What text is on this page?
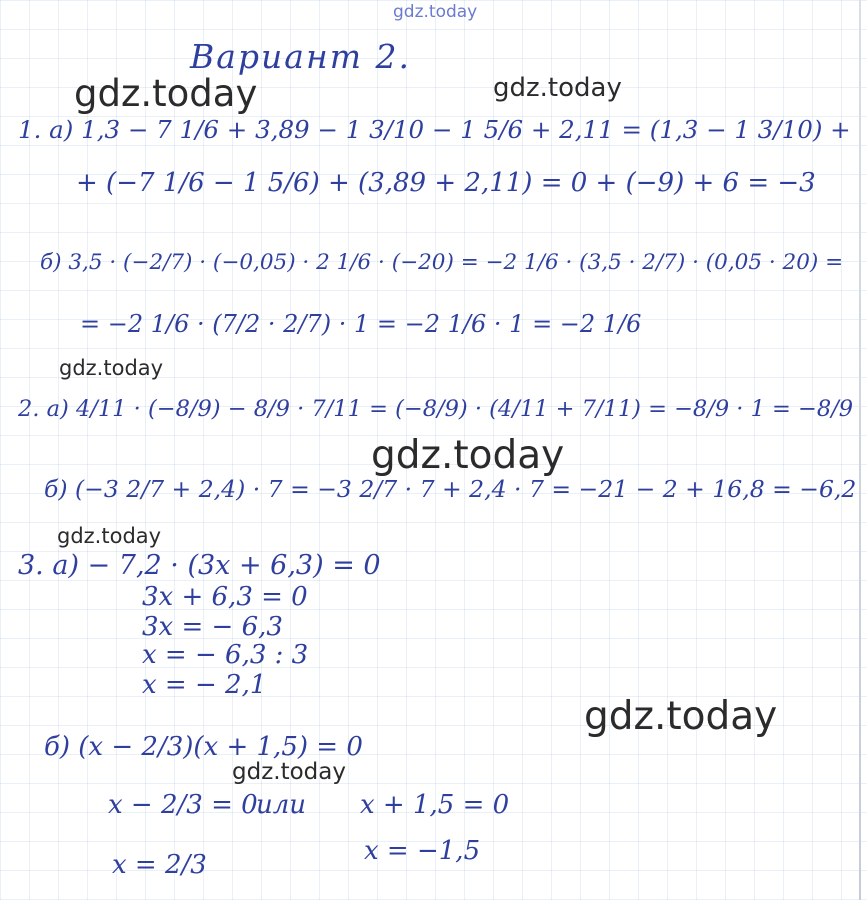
gdz.today
Вариант 2.
gdz.today	gdz.today
1. а) 1,3 − 7 1/6 + 3,89 − 1 3/10 − 1 5/6 + 2,11 = (1,3 − 1 3/10) +
+ (−7 1/6 − 1 5/6) + (3,89 + 2,11) = 0 + (−9) + 6 = −3
б) 3,5 · (−2/7) · (−0,05) · 2 1/6 · (−20) = −2 1/6 · (3,5 · 2/7) · (0,05 · 20) =
= −2 1/6 · (7/2 · 2/7) · 1 = −2 1/6 · 1 = −2 1/6
gdz.today
2. а) 4/11 · (−8/9) − 8/9 · 7/11 = (−8/9) · (4/11 + 7/11) = −8/9 · 1 = −8/9
gdz.today
б) (−3 2/7 + 2,4) · 7 = −3 2/7 · 7 + 2,4 · 7 = −21 − 2 + 16,8 = −6,2
gdz.today
3. а) − 7,2 · (3x + 6,3) = 0
3x + 6,3 = 0
3x = − 6,3
x = − 6,3 : 3
x = − 2,1
gdz.today
б) (x − 2/3)(x + 1,5) = 0
gdz.today
x − 2/3 = 0
или x + 1,5 = 0
x = 2/3	x = −1,5
